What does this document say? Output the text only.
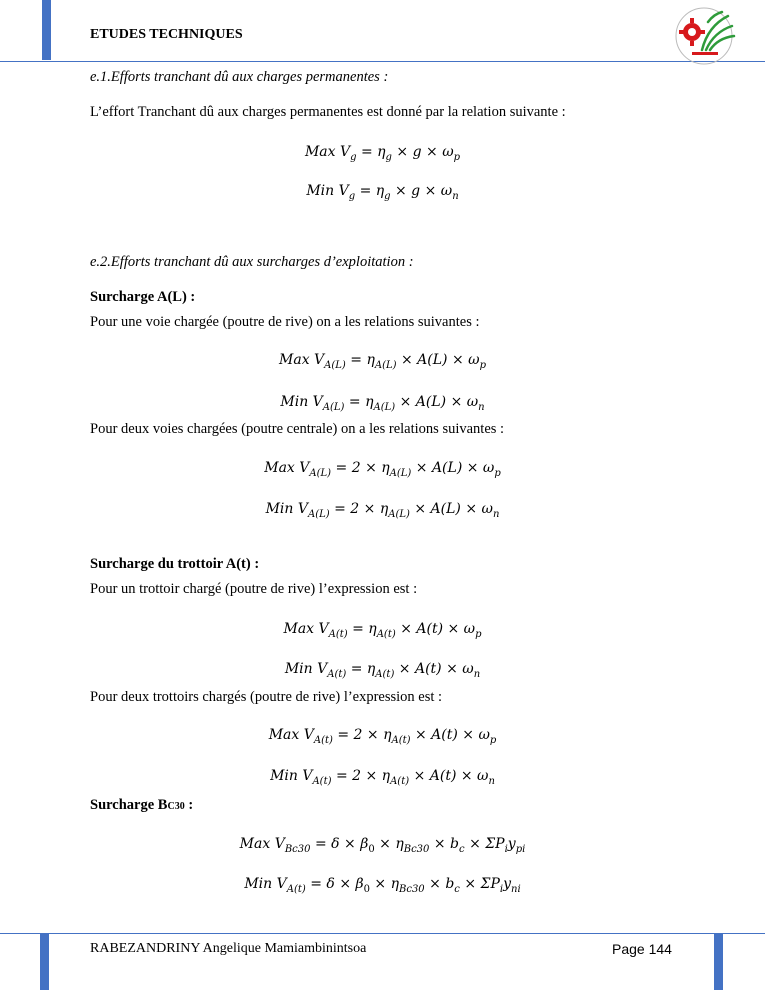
ETUDES TECHNIQUES
e.1.Efforts tranchant dû aux charges permanentes :
L’effort Tranchant dû aux charges permanentes est donné par la relation suivante :
Max $V_g = \eta_g \times g \times \omega_p$
Min $V_g = \eta_g \times g \times \omega_n$
e.2.Efforts tranchant dû aux surcharges d’exploitation :
Surcharge A(L) :
Pour une voie chargée (poutre de rive) on a les relations suivantes :
Max $V_{A(L)} = \eta_{A(L)} \times A(L) \times \omega_p$
Min $V_{A(L)} = \eta_{A(L)} \times A(L) \times \omega_n$
Pour deux voies chargées (poutre centrale) on a les relations suivantes :
Max $V_{A(L)} = 2 \times \eta_{A(L)} \times A(L) \times \omega_p$
Min $V_{A(L)} = 2 \times \eta_{A(L)} \times A(L) \times \omega_n$
Surcharge du trottoir A(t) :
Pour un trottoir chargé (poutre de rive) l’expression est :
Max $V_{A(t)} = \eta_{A(t)} \times A(t) \times \omega_p$
Min $V_{A(t)} = \eta_{A(t)} \times A(t) \times \omega_n$
Pour deux trottoirs chargés (poutre de rive) l’expression est :
Max $V_{A(t)} = 2 \times \eta_{A(t)} \times A(t) \times \omega_p$
Min $V_{A(t)} = 2 \times \eta_{A(t)} \times A(t) \times \omega_n$
Surcharge BC30 :
Max $V_{Bc30} = \delta \times \beta_0 \times \eta_{Bc30} \times b_c \times \Sigma P_iy_{pi}$
Min $V_{A(t)} = \delta \times \beta_0 \times \eta_{Bc30} \times b_c \times \Sigma P_iy_{ni}$
RABEZANDRINY Angelique Mamiambinintsoa	Page 144
